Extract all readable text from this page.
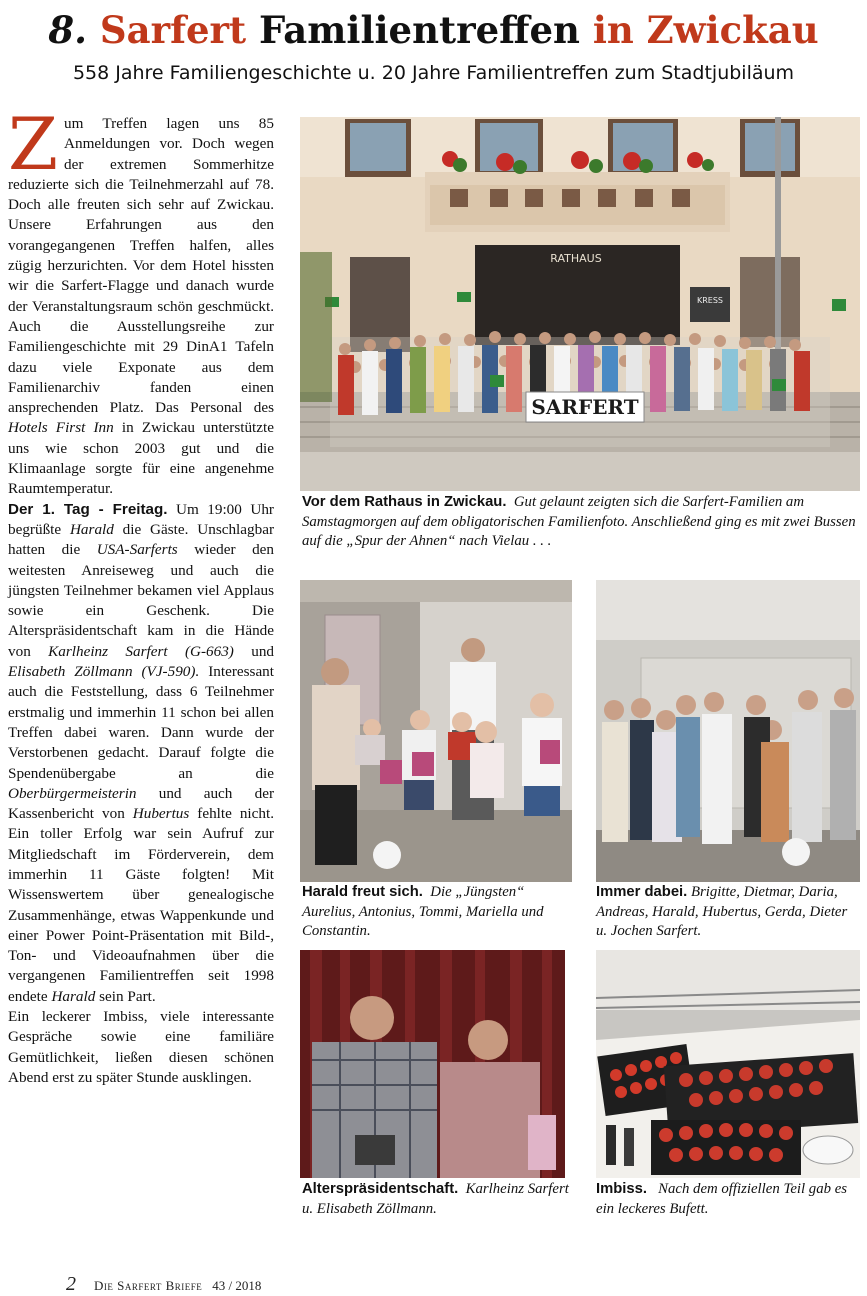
8. Sarfert Familientreffen in Zwickau
558 Jahre Familiengeschichte u. 20 Jahre Familientreffen zum Stadtjubiläum

Zum Treffen lagen uns 85 Anmeldungen vor. Doch wegen der extremen Sommerhitze reduzierte sich die Teilnehmerzahl auf 78. Doch alle freuten sich sehr auf Zwickau. Unsere Erfahrungen aus den vorangegangenen Treffen halfen, alles zügig herzurichten. Vor dem Hotel hissten wir die Sarfert-Flagge und danach wurde der Veranstaltungsraum schön geschmückt. Auch die Ausstellungsreihe zur Familiengeschichte mit 29 DinA1 Tafeln dazu viele Exponate aus dem Familienarchiv fanden einen ansprechenden Platz. Das Personal des Hotels First Inn in Zwickau unterstützte uns wie schon 2003 gut und die Klimaanlage sorgte für eine angenehme Raumtemperatur.

Der 1. Tag - Freitag. Um 19:00 Uhr begrüßte Harald die Gäste. Unschlagbar hatten die USA-Sarferts wieder den weitesten Anreiseweg und auch die jüngsten Teilnehmer bekamen viel Applaus sowie ein Geschenk. Die Alterspräsidentschaft kam in die Hände von Karlheinz Sarfert (G-663) und Elisabeth Zöllmann (VJ-590). Interessant auch die Feststellung, dass 6 Teilnehmer erstmalig und immerhin 11 schon bei allen Treffen dabei waren. Dann wurde der Verstorbenen gedacht. Darauf folgte die Spendenübergabe an die Oberbürgermeisterin und auch der Kassenbericht von Hubertus fehlte nicht. Ein toller Erfolg war sein Aufruf zur Mitgliedschaft im Förderverein, dem immerhin 11 Gäste folgten! Mit Wissenswertem über genealogische Zusammenhänge, etwas Wappenkunde und einer Power Point-Präsentation mit Bild-, Ton- und Videoaufnahmen über die vergangenen Familientreffen seit 1998 endete Harald sein Part.

Ein leckerer Imbiss, viele interessante Gespräche sowie eine familiäre Gemütlichkeit, ließen diesen schönen Abend erst zu später Stunde ausklingen.

RATHAUS
KRESS
SARFERT
Vor dem Rathaus in Zwickau. Gut gelaunt zeigten sich die Sarfert-Familien am Samstagmorgen auf dem obligatorischen Familienfoto. Anschließend ging es mit zwei Bussen auf die „Spur der Ahnen“ nach Vielau . . .
Harald freut sich. Die „Jüngsten“ Aurelius, Antonius, Tommi, Mariella und Constantin.
Immer dabei. Brigitte, Dietmar, Daria, Andreas, Harald, Hubertus, Gerda, Dieter u. Jochen Sarfert.
Alterspräsidentschaft. Karlheinz Sarfert u. Elisabeth Zöllmann.
Imbiss. Nach dem offiziellen Teil gab es ein leckeres Bufett.
2 Die Sarfert Briefe 43 / 2018
